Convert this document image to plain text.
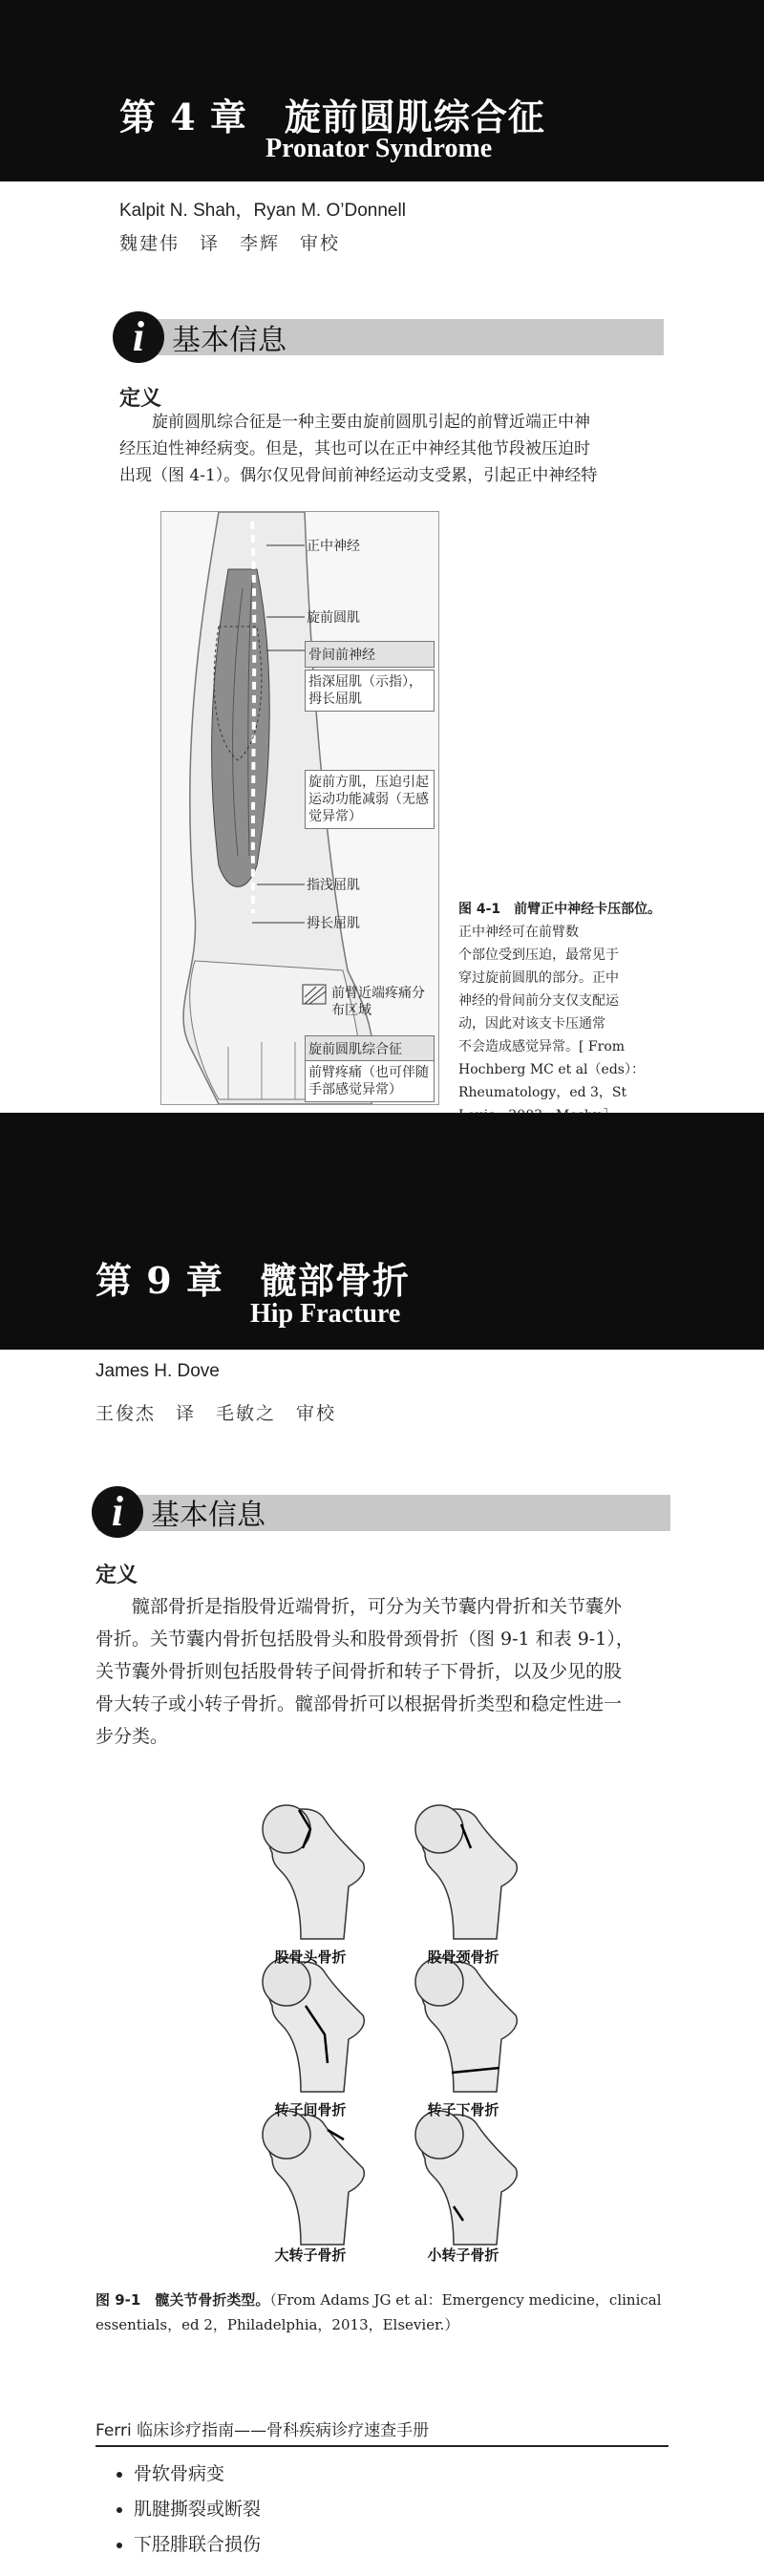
第 4 章　旋前圆肌综合征
Pronator Syndrome
Kalpit N. Shah，Ryan M. O’Donnell
魏建伟　译　李辉　审校
i 基本信息
定义
旋前圆肌综合征是一种主要由旋前圆肌引起的前臂近端正中神
经压迫性神经病变。但是，其也可以在正中神经其他节段被压迫时
出现（图 4-1）。偶尔仅见骨间前神经运动支受累，引起正中神经特
正中神经
旋前圆肌
骨间前神经
指深屈肌（示指），拇长屈肌
旋前方肌，压迫引起运动功能减弱（无感觉异常）
指浅屈肌
拇长屈肌
前臂近端疼痛分布区域
旋前圆肌综合征
前臂疼痛（也可伴随手部感觉异常）
图 4-1　前臂正中神经卡压部位。
正中神经可在前臂数
个部位受到压迫，最常见于
穿过旋前圆肌的部分。正中
神经的骨间前分支仅支配运
动，因此对该支卡压通常
不会造成感觉异常。[ From
Hochberg MC et al（eds）：
Rheumatology，ed 3，St
第 9 章　髋部骨折
Hip Fracture
James H. Dove
王俊杰　译　毛敏之　审校
i 基本信息
定义
髋部骨折是指股骨近端骨折，可分为关节囊内骨折和关节囊外
骨折。关节囊内骨折包括股骨头和股骨颈骨折（图 9-1 和表 9-1），
关节囊外骨折则包括股骨转子间骨折和转子下骨折，以及少见的股
骨大转子或小转子骨折。髋部骨折可以根据骨折类型和稳定性进一
步分类。
股骨头骨折	股骨颈骨折
转子间骨折	转子下骨折
大转子骨折	小转子骨折
图 9-1　髋关节骨折类型。（From Adams JG et al：Emergency medicine，clinical
essentials，ed 2，Philadelphia，2013，Elsevier.）
Ferri 临床诊疗指南——骨科疾病诊疗速查手册
• 骨软骨病变
• 肌腱撕裂或断裂
• 下胫腓联合损伤
